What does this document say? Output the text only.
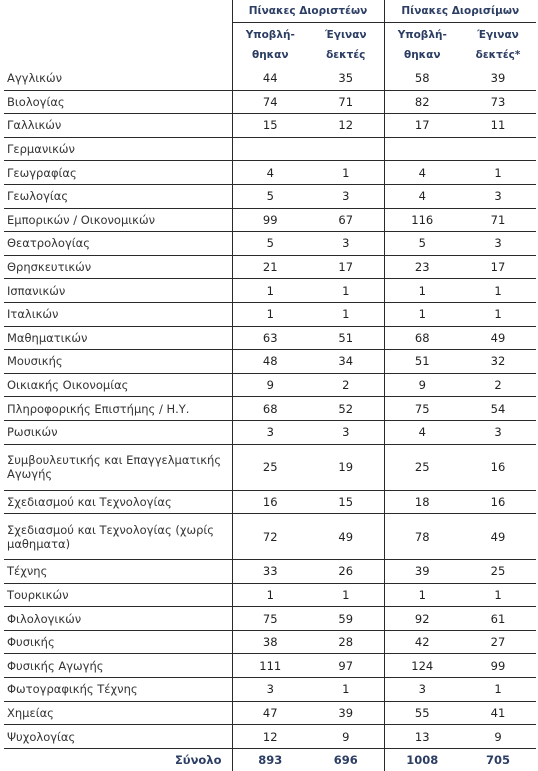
	Πίνακες Διοριστέων		Πίνακες Διορισίμων	
	Υποβλή-θηκαν	Έγιναν δεκτές	Υποβλή-θηκαν	Έγιναν δεκτές*
Αγγλικών	44	35	58	39
Βιολογίας	74	71	82	73
Γαλλικών	15	12	17	11
Γερμανικών				
Γεωγραφίας	4	1	4	1
Γεωλογίας	5	3	4	3
Εμπορικών / Οικονομικών	99	67	116	71
Θεατρολογίας	5	3	5	3
Θρησκευτικών	21	17	23	17
Ισπανικών	1	1	1	1
Ιταλικών	1	1	1	1
Μαθηματικών	63	51	68	49
Μουσικής	48	34	51	32
Οικιακής Οικονομίας	9	2	9	2
Πληροφορικής Επιστήμης / Η.Υ.	68	52	75	54
Ρωσικών	3	3	4	3
Συμβουλευτικής και Επαγγελματικής Αγωγής	25	19	25	16
Σχεδιασμού και Τεχνολογίας	16	15	18	16
Σχεδιασμού και Τεχνολογίας (χωρίς μαθηματα)	72	49	78	49
Τέχνης	33	26	39	25
Τουρκικών	1	1	1	1
Φιλολογικών	75	59	92	61
Φυσικής	38	28	42	27
Φυσικής Αγωγής	111	97	124	99
Φωτογραφικής Τέχνης	3	1	3	1
Χημείας	47	39	55	41
Ψυχολογίας	12	9	13	9
Σύνολο	893	696	1008	705
